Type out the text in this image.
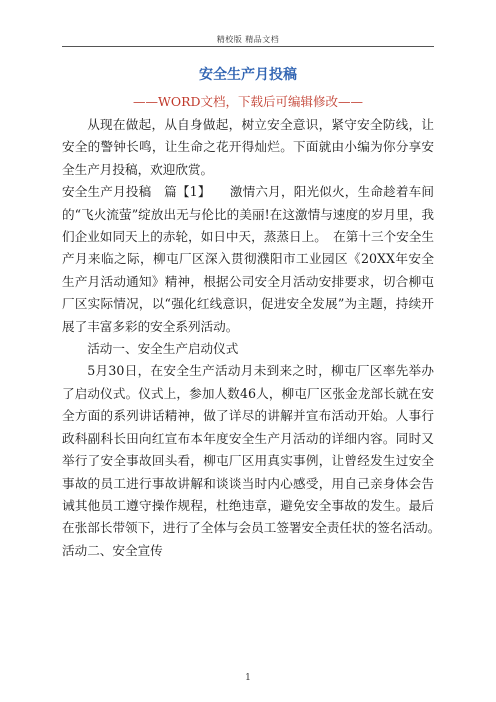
精校版 精品文档
安全生产月投稿
——WORD文档，下载后可编辑修改——

从现在做起，从自身做起，树立安全意识，紧守安全防线，让安全的警钟长鸣，让生命之花开得灿烂。下面就由小编为你分享安全生产月投稿，欢迎欣赏。

安全生产月投稿　篇【1】　　激情六月，阳光似火，生命趁着车间的“飞火流萤”绽放出无与伦比的美丽!在这激情与速度的岁月里，我们企业如同天上的赤轮，如日中天，蒸蒸日上。　在第十三个安全生产月来临之际，柳屯厂区深入贯彻濮阳市工业园区《20XX年安全生产月活动通知》精神，根据公司安全月活动安排要求，切合柳屯厂区实际情况，以“强化红线意识，促进安全发展”为主题，持续开展了丰富多彩的安全系列活动。

活动一、安全生产启动仪式

5月30日，在安全生产活动月未到来之时，柳屯厂区率先举办了启动仪式。仪式上，参加人数46人，柳屯厂区张金龙部长就在安全方面的系列讲话精神，做了详尽的讲解并宣布活动开始。人事行政科副科长田向红宣布本年度安全生产月活动的详细内容。同时又举行了安全事故回头看，柳屯厂区用真实事例，让曾经发生过安全事故的员工进行事故讲解和谈谈当时内心感受，用自己亲身体会告诫其他员工遵守操作规程，杜绝违章，避免安全事故的发生。最后在张部长带领下，进行了全体与会员工签署安全责任状的签名活动。　活动二、安全宣传

1
